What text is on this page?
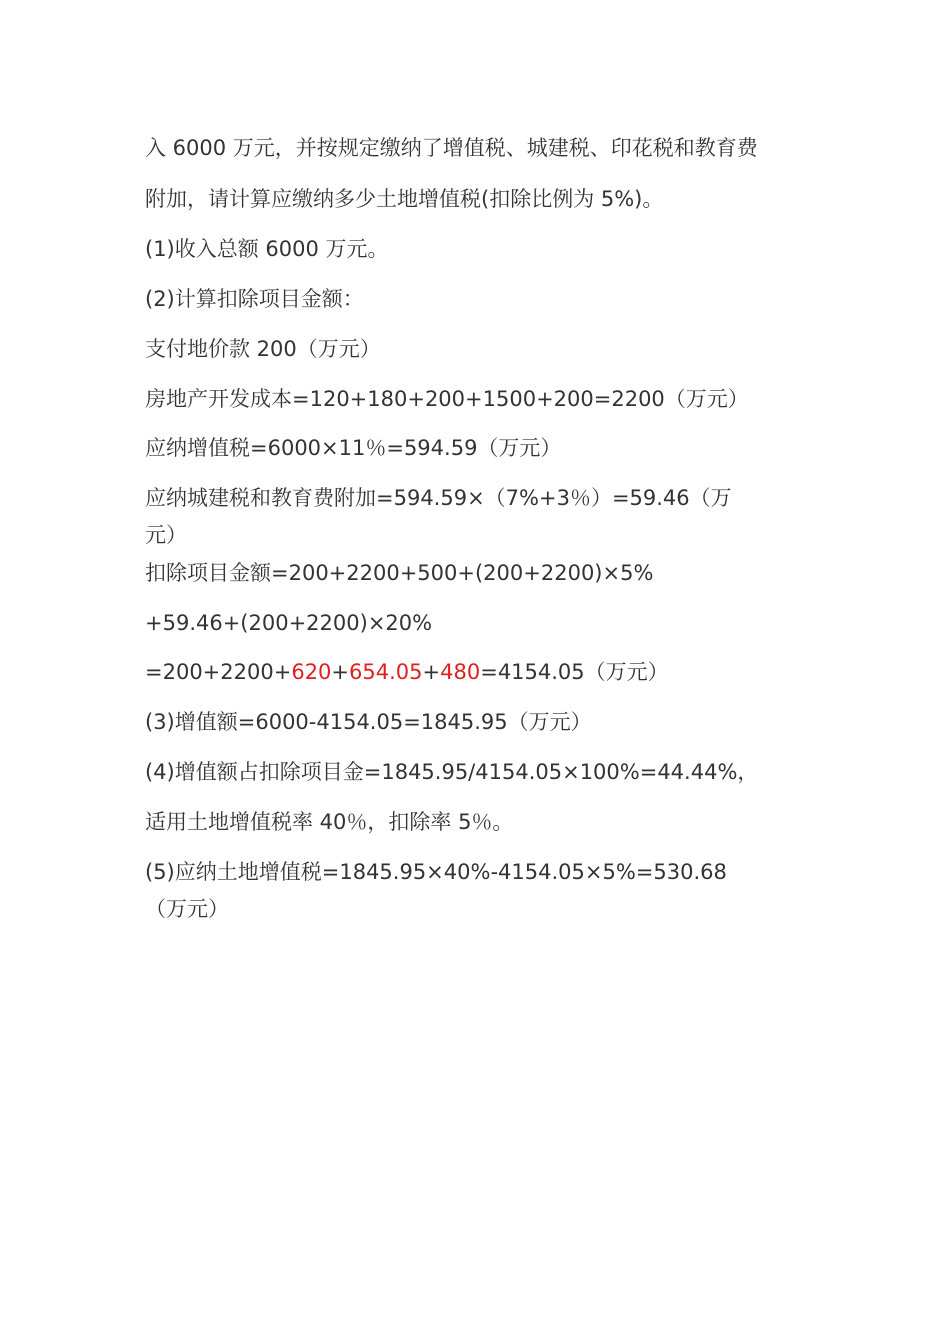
入 6000 万元，并按规定缴纳了增值税、城建税、印花税和教育费
附加，请计算应缴纳多少土地增值税(扣除比例为 5%)。
(1)收入总额 6000 万元。
(2)计算扣除项目金额：
支付地价款 200（万元）
房地产开发成本=120+180+200+1500+200=2200（万元）
应纳增值税=6000×11％=594.59（万元）
应纳城建税和教育费附加=594.59×（7%+3％）=59.46（万
元）
扣除项目金额=200+2200+500+(200+2200)×5%
+59.46+(200+2200)×20%
=200+2200+620+654.05+480=4154.05（万元）
(3)增值额=6000-4154.05=1845.95（万元）
(4)增值额占扣除项目金=1845.95/4154.05×100%=44.44%，
适用土地增值税率 40％，扣除率 5％。
(5)应纳土地增值税=1845.95×40%-4154.05×5%=530.68
（万元）
